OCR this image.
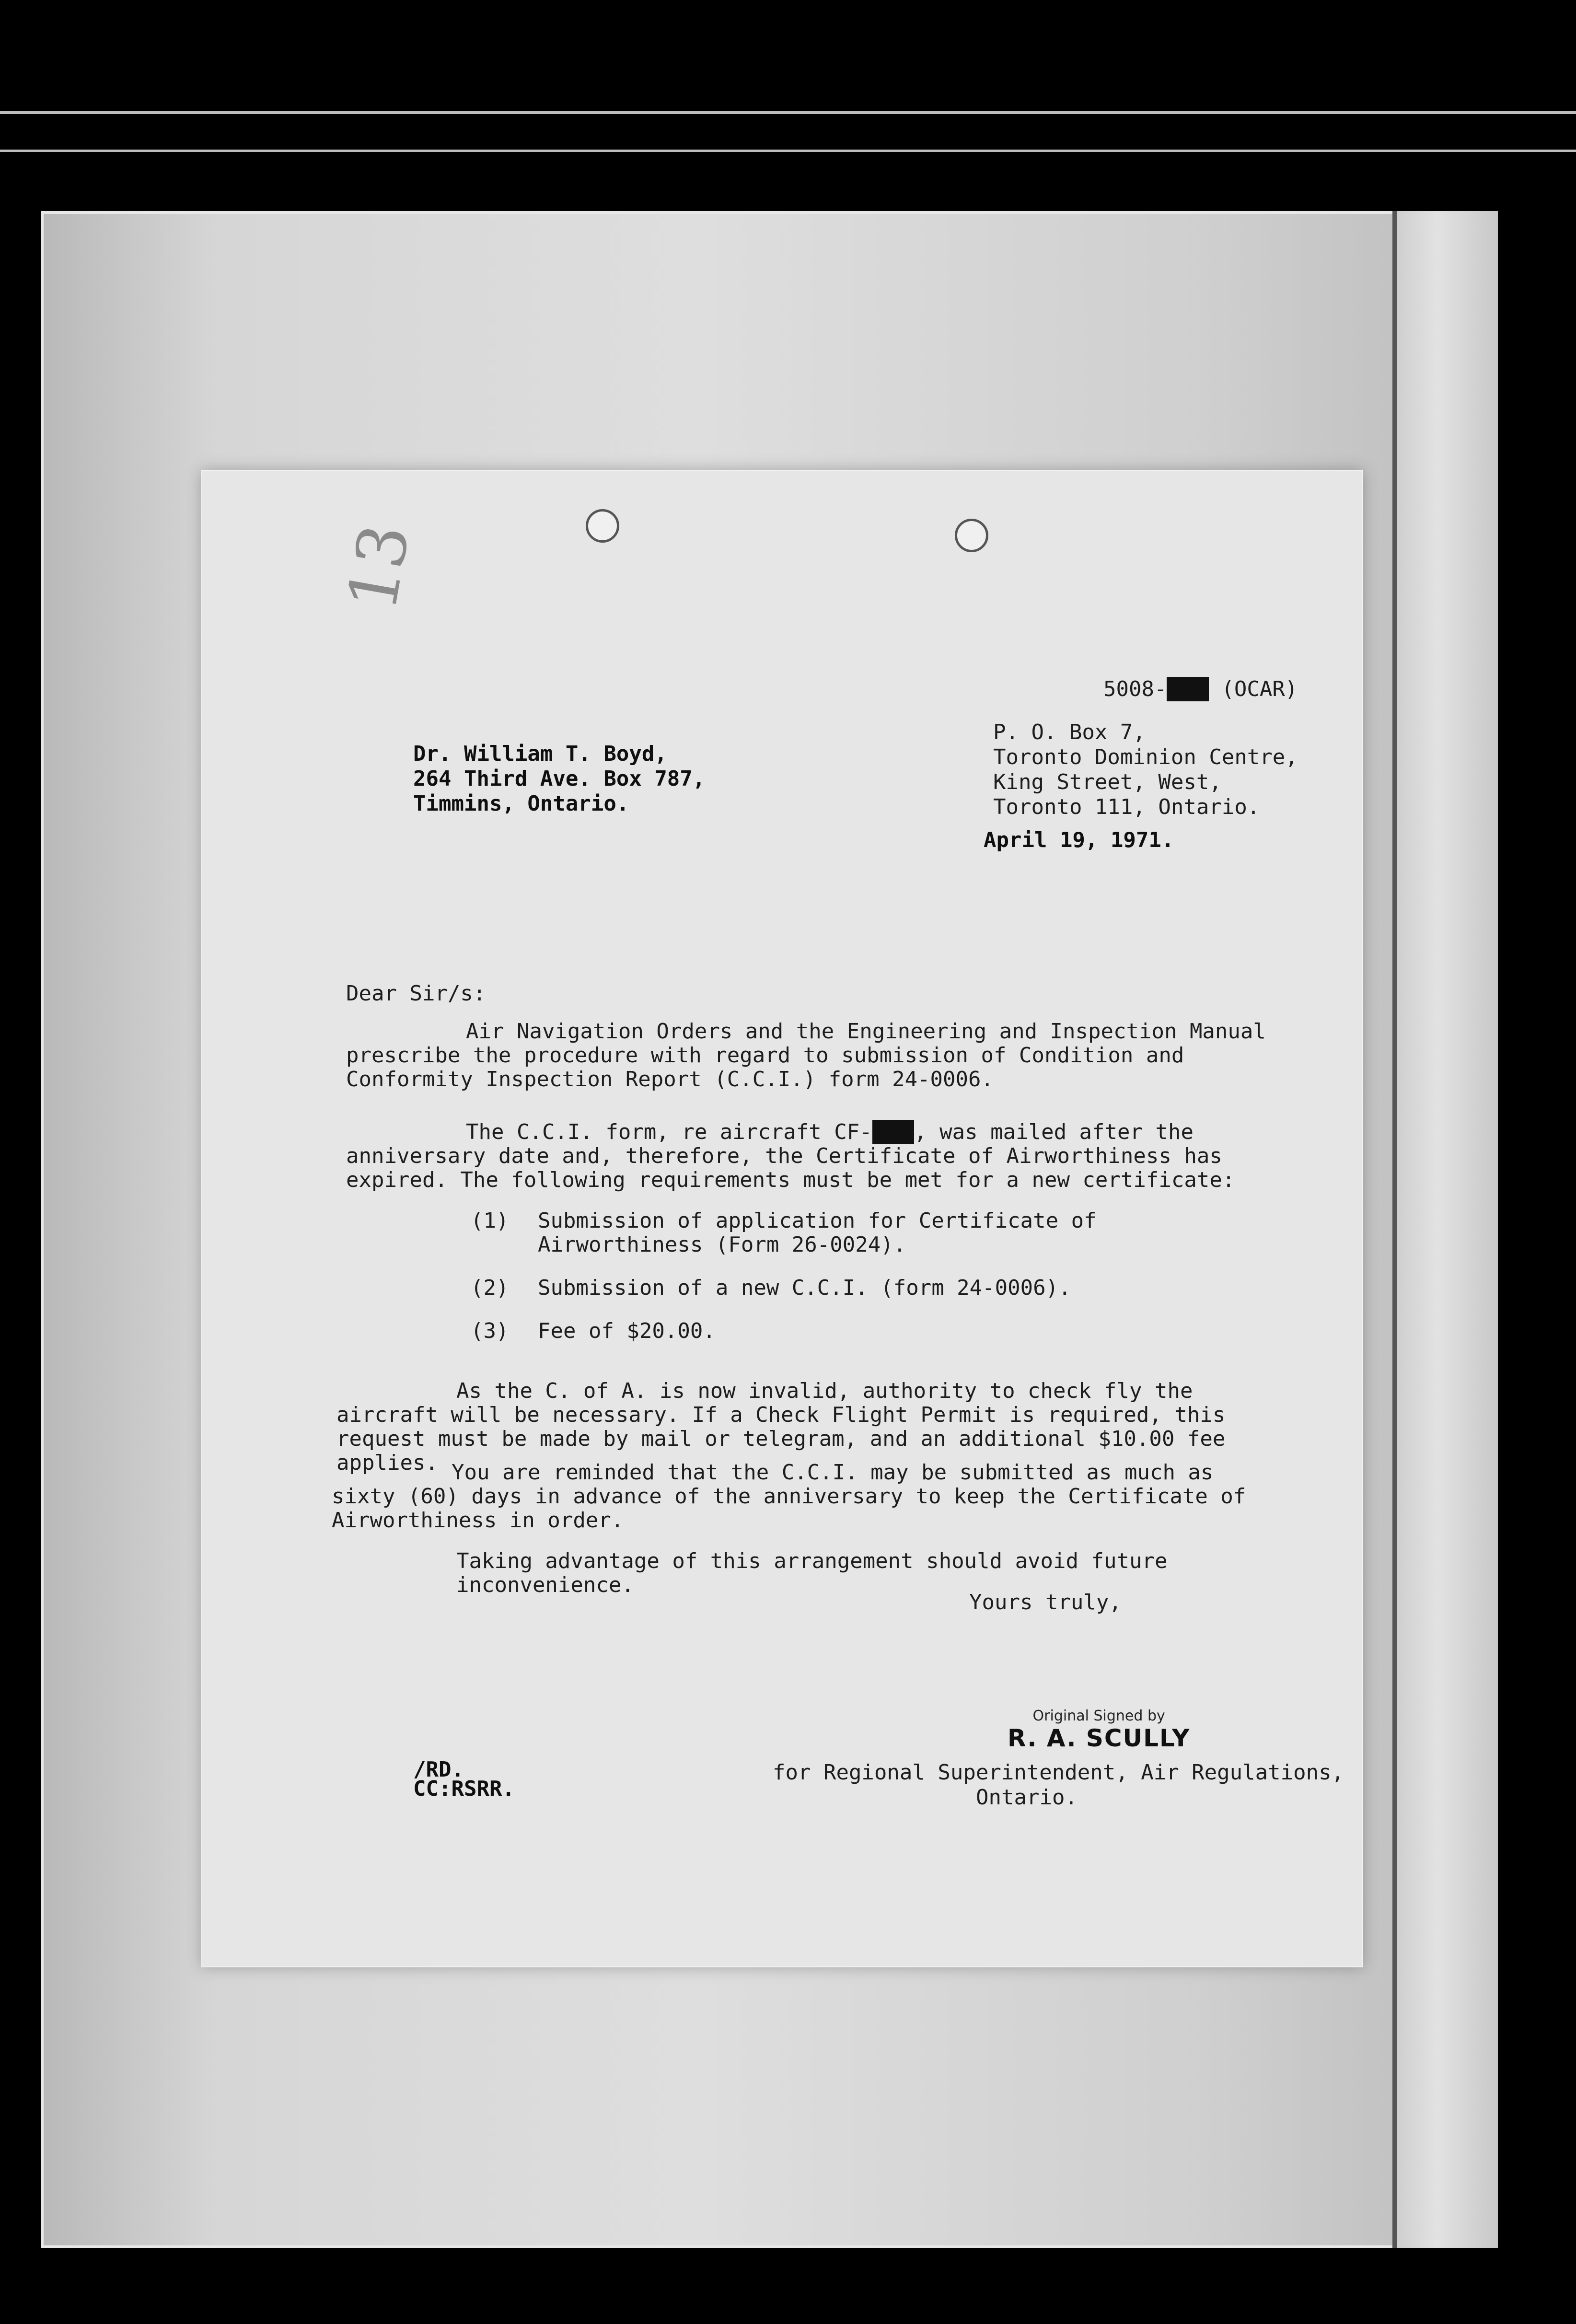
13
5008-VTB (OCAR)
Dr. William T. Boyd,
264 Third Ave. Box 787,
Timmins, Ontario.
P. O. Box 7,
Toronto Dominion Centre,
King Street, West,
Toronto 111, Ontario.
April 19, 1971.
Dear Sir/s:
Air Navigation Orders and the Engineering and Inspection Manual prescribe the procedure with regard to submission of Condition and Conformity Inspection Report (C.C.I.) form 24-0006.
The C.C.I. form, re aircraft CF-VTB, was mailed after the anniversary date and, therefore, the Certificate of Airworthiness has expired. The following requirements must be met for a new certificate:
(1)	Submission of application for Certificate of Airworthiness (Form 26-0024).
(2)	Submission of a new C.C.I. (form 24-0006).
(3)	Fee of $20.00.
As the C. of A. is now invalid, authority to check fly the aircraft will be necessary. If a Check Flight Permit is required, this request must be made by mail or telegram, and an additional $10.00 fee applies. You are reminded that the C.C.I. may be submitted as much as sixty (60) days in advance of the anniversary to keep the Certificate of Airworthiness in order.
Taking advantage of this arrangement should avoid future inconvenience.
Yours truly,
Original Signed by
R. A. SCULLY
for Regional Superintendent, Air Regulations,
Ontario.
/RD.
CC:RSRR.
